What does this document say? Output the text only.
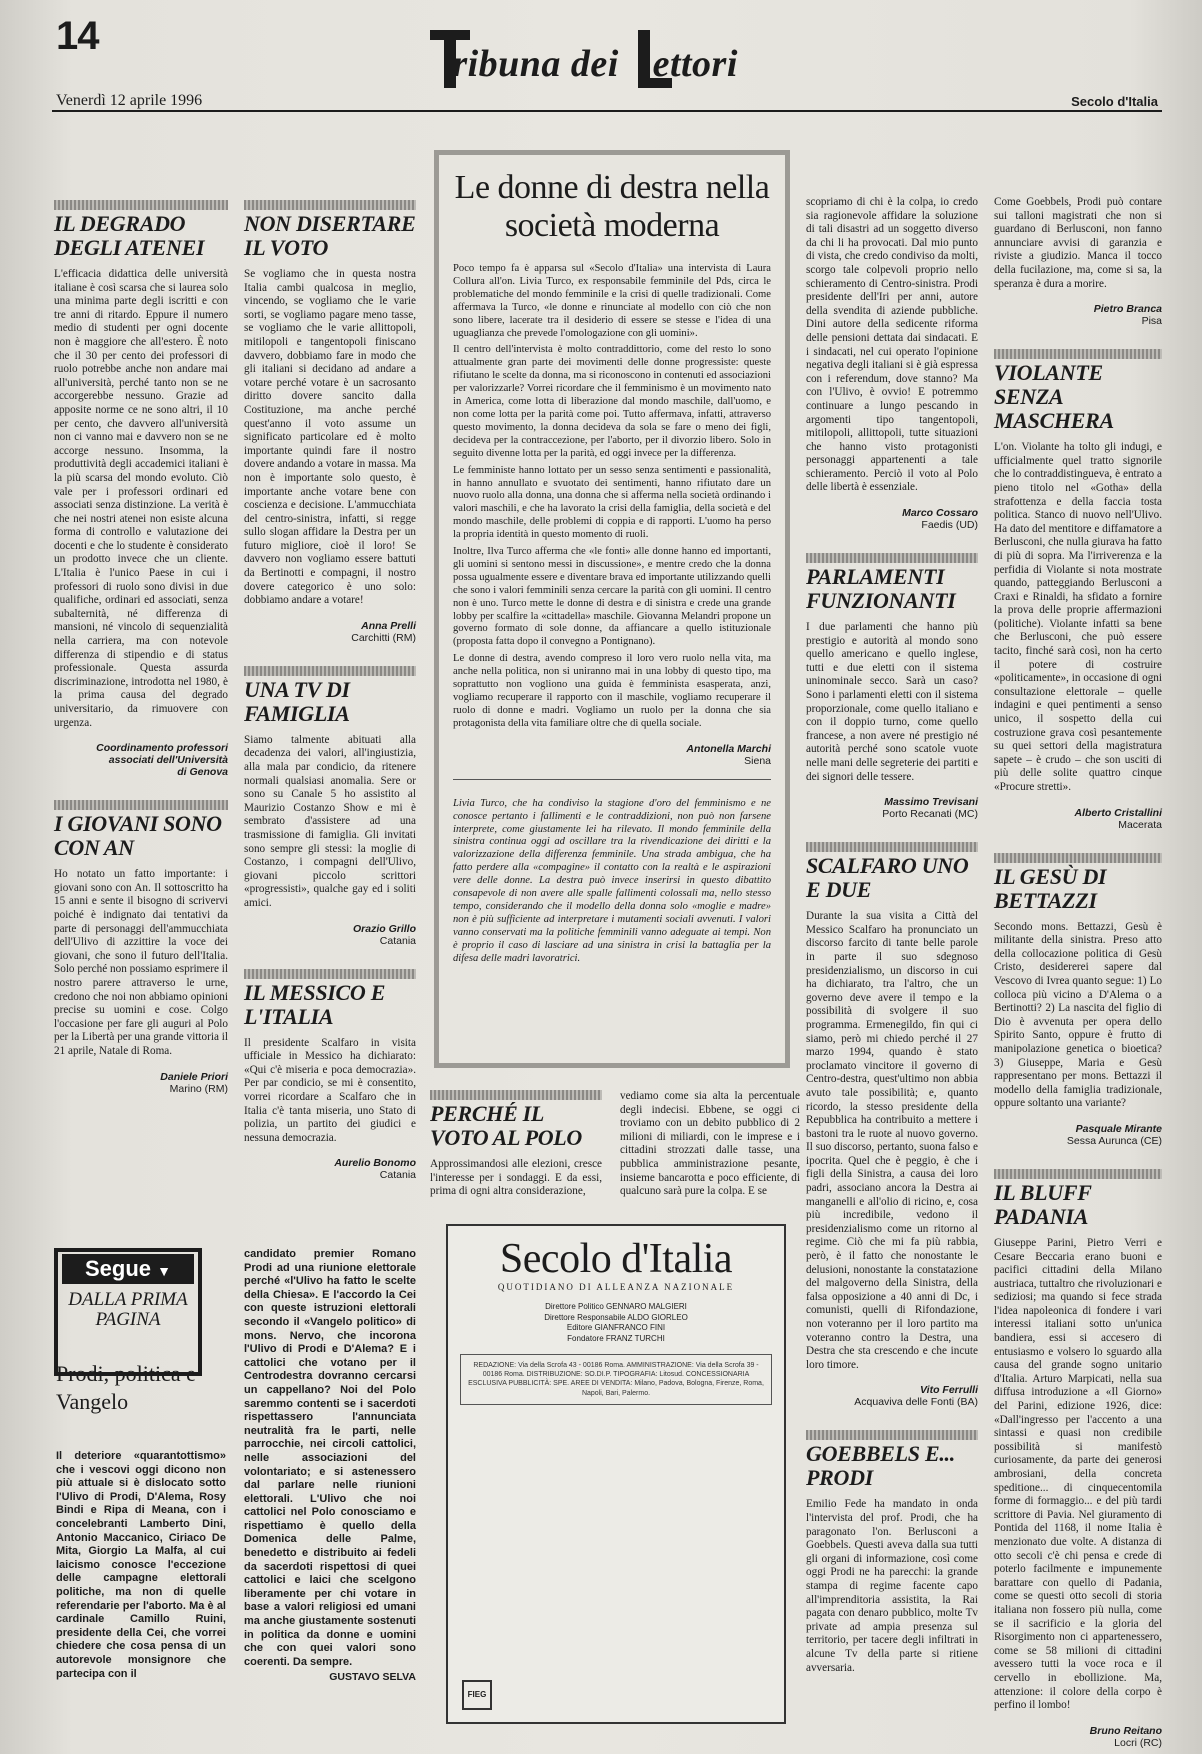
14
ribuna dei ettori
Venerdì 12 aprile 1996	Secolo d'Italia
IL DEGRADO DEGLI ATENEI

L'efficacia didattica delle università italiane è così scarsa che si laurea solo una minima parte degli iscritti e con tre anni di ritardo. Eppure il numero medio di studenti per ogni docente non è maggiore che all'estero. È noto che il 30 per cento dei professori di ruolo potrebbe anche non andare mai all'università, perché tanto non se ne accorgerebbe nessuno. Grazie ad apposite norme ce ne sono altri, il 10 per cento, che davvero all'università non ci vanno mai e davvero non se ne accorge nessuno. Insomma, la produttività degli accademici italiani è la più scarsa del mondo evoluto. Ciò vale per i professori ordinari ed associati senza distinzione. La verità è che nei nostri atenei non esiste alcuna forma di controllo e valutazione dei docenti e che lo studente è considerato un prodotto invece che un cliente. L'Italia è l'unico Paese in cui i professori di ruolo sono divisi in due qualifiche, ordinari ed associati, senza subalternità, né differenza di mansioni, né vincolo di sequenzialità nella carriera, ma con notevole differenza di stipendio e di status professionale. Questa assurda discriminazione, introdotta nel 1980, è la prima causa del degrado universitario, da rimuovere con urgenza.

Coordinamento professori associati dell'Università
di Genova
I GIOVANI SONO CON AN

Ho notato un fatto importante: i giovani sono con An. Il sottoscritto ha 15 anni e sente il bisogno di scrivervi poiché è indignato dai tentativi da parte di personaggi dell'ammucchiata dell'Ulivo di azzittire la voce dei giovani, che sono il futuro dell'Italia. Solo perché non possiamo esprimere il nostro parere attraverso le urne, credono che noi non abbiamo opinioni precise su uomini e cose. Colgo l'occasione per fare gli auguri al Polo per la Libertà per una grande vittoria il 21 aprile, Natale di Roma.

Daniele Priori
Marino (RM)
NON DISERTARE IL VOTO

Se vogliamo che in questa nostra Italia cambi qualcosa in meglio, vincendo, se vogliamo che le varie sorti, se vogliamo pagare meno tasse, se vogliamo che le varie allittopoli, mitilopoli e tangentopoli finiscano davvero, dobbiamo fare in modo che gli italiani si decidano ad andare a votare perché votare è un sacrosanto diritto dovere sancito dalla Costituzione, ma anche perché quest'anno il voto assume un significato particolare ed è molto importante quindi fare il nostro dovere andando a votare in massa. Ma non è importante solo questo, è importante anche votare bene con coscienza e decisione. L'ammucchiata del centro-sinistra, infatti, si regge sullo slogan affidare la Destra per un futuro migliore, cioè il loro! Se davvero non vogliamo essere battuti da Bertinotti e compagni, il nostro dovere categorico è uno solo: dobbiamo andare a votare!

Anna Prelli
Carchitti (RM)
UNA TV DI FAMIGLIA

Siamo talmente abituati alla decadenza dei valori, all'ingiustizia, alla mala par condicio, da ritenere normali qualsiasi anomalia. Sere or sono su Canale 5 ho assistito al Maurizio Costanzo Show e mi è sembrato d'assistere ad una trasmissione di famiglia. Gli invitati sono sempre gli stessi: la moglie di Costanzo, i compagni dell'Ulivo, giovani piccolo scrittori «progressisti», qualche gay ed i soliti amici.

Orazio Grillo
Catania
IL MESSICO E L'ITALIA

Il presidente Scalfaro in visita ufficiale in Messico ha dichiarato: «Qui c'è miseria e poca democrazia». Per par condicio, se mi è consentito, vorrei ricordare a Scalfaro che in Italia c'è tanta miseria, uno Stato di polizia, un partito dei giudici e nessuna democrazia.

Aurelio Bonomo
Catania
Le donne di destra nella società moderna

Poco tempo fa è apparsa sul «Secolo d'Italia» una intervista di Laura Collura all'on. Livia Turco, ex responsabile femminile del Pds, circa le problematiche del mondo femminile e la crisi di quelle tradizionali. Come affermava la Turco, «le donne e rinunciate al modello con ciò che non sono libere, lacerate tra il desiderio di essere se stesse e l'idea di una uguaglianza che prevede l'omologazione con gli uomini».

Il centro dell'intervista è molto contraddittorio, come del resto lo sono attualmente gran parte dei movimenti delle donne progressiste: queste rifiutano le scelte da donna, ma si riconoscono in contenuti ed associazioni per valorizzarle? Vorrei ricordare che il femminismo è un movimento nato in America, come lotta di liberazione dal mondo maschile, dall'uomo, e non come lotta per la parità come poi. Tutto affermava, infatti, attraverso questo movimento, la donna decideva da sola se fare o meno dei figli, decideva per la contraccezione, per l'aborto, per il divorzio libero. Solo in seguito divenne lotta per la parità, ed oggi invece per la differenza.

Le femministe hanno lottato per un sesso senza sentimenti e passionalità, in hanno annullato e svuotato dei sentimenti, hanno rifiutato dare un nuovo ruolo alla donna, una donna che si afferma nella società ordinando i valori maschili, e che ha lavorato la crisi della famiglia, della società e del mondo maschile, delle problemi di coppia e di rapporti. L'uomo ha perso la propria identità in questo momento di ruoli.

Inoltre, Ilva Turco afferma che «le fonti» alle donne hanno ed importanti, gli uomini si sentono messi in discussione», e mentre credo che la donna possa ugualmente essere e diventare brava ed importante utilizzando quelli che sono i valori femminili senza cercare la parità con gli uomini. Il centro non è uno. Turco mette le donne di destra e di sinistra e crede una grande lobby per scalfire la «cittadella» maschile. Giovanna Melandri propone un governo formato di sole donne, da affiancare a quello istituzionale (proposta fatta dopo il convegno a Pontignano).

Le donne di destra, avendo compreso il loro vero ruolo nella vita, ma anche nella politica, non si uniranno mai in una lobby di questo tipo, ma soprattutto non vogliono una guida è femminista esasperata, anzi, vogliamo recuperare il rapporto con il maschile, vogliamo recuperare il ruolo di donne e madri. Vogliamo un ruolo per la donna che sia protagonista della vita familiare oltre che di quella sociale.

Antonella Marchi
Siena

Livia Turco, che ha condiviso la stagione d'oro del femminismo e ne conosce pertanto i fallimenti e le contraddizioni, non può non farsene interprete, come giustamente lei ha rilevato. Il mondo femminile della sinistra continua oggi ad oscillare tra la rivendicazione dei diritti e la valorizzazione della differenza femminile. Una strada ambigua, che ha fatto perdere alla «compagine» il contatto con la realtà e le aspirazioni vere delle donne. La destra può invece inserirsi in questo dibattito consapevole di non avere alle spalle fallimenti colossali ma, nello stesso tempo, considerando che il modello della donna solo «moglie e madre» non è più sufficiente ad interpretare i mutamenti sociali avvenuti. I valori vanno conservati ma la politiche femminili vanno adeguate ai tempi. Non è proprio il caso di lasciare ad una sinistra in crisi la battaglia per la difesa delle madri lavoratrici.

PERCHÉ IL VOTO AL POLO

Approssimandosi alle elezioni, cresce l'interesse per i sondaggi. E da essi, prima di ogni altra considerazione,

vediamo come sia alta la percentuale degli indecisi. Ebbene, se oggi ci troviamo con un debito pubblico di 2 milioni di miliardi, con le imprese e i cittadini strozzati dalle tasse, una pubblica amministrazione pesante, insieme bancarotta e poco efficiente, di qualcuno sarà pure la colpa. E se

Secolo d'Italia
QUOTIDIANO DI ALLEANZA NAZIONALE
Direttore Politico GENNARO MALGIERI
Direttore Responsabile ALDO GIORLEO
Editore GIANFRANCO FINI
Fondatore FRANZ TURCHI
REDAZIONE: Via della Scrofa 43 - 00186 Roma. AMMINISTRAZIONE: Via della Scrofa 39 - 00186 Roma. DISTRIBUZIONE: SO.DI.P. TIPOGRAFIA: Litosud. CONCESSIONARIA ESCLUSIVA PUBBLICITÀ: SPE. AREE DI VENDITA: Milano, Padova, Bologna, Firenze, Roma, Napoli, Bari, Palermo.
FIEG

scopriamo di chi è la colpa, io credo sia ragionevole affidare la soluzione di tali disastri ad un soggetto diverso da chi li ha provocati. Dal mio punto di vista, che credo condiviso da molti, scorgo tale colpevoli proprio nello schieramento di Centro-sinistra. Prodi presidente dell'Iri per anni, autore della svendita di aziende pubbliche. Dini autore della sedicente riforma delle pensioni dettata dai sindacati. E i sindacati, nel cui operato l'opinione negativa degli italiani si è già espressa con i referendum, dove stanno? Ma con l'Ulivo, è ovvio! E potremmo continuare a lungo pescando in argomenti tipo tangentopoli, mitilopoli, allittopoli, tutte situazioni che hanno visto protagonisti personaggi appartenenti a tale schieramento. Perciò il voto al Polo delle libertà è essenziale.

Marco Cossaro
Faedis (UD)
PARLAMENTI FUNZIONANTI

I due parlamenti che hanno più prestigio e autorità al mondo sono quello americano e quello inglese, tutti e due eletti con il sistema uninominale secco. Sarà un caso? Sono i parlamenti eletti con il sistema proporzionale, come quello italiano e con il doppio turno, come quello francese, a non avere né prestigio né autorità perché sono scatole vuote nelle mani delle segreterie dei partiti e dei signori delle tessere.

Massimo Trevisani
Porto Recanati (MC)
SCALFARO UNO E DUE

Durante la sua visita a Città del Messico Scalfaro ha pronunciato un discorso farcito di tante belle parole in parte il suo sdegnoso presidenzialismo, un discorso in cui ha dichiarato, tra l'altro, che un governo deve avere il tempo e la possibilità di svolgere il suo programma. Ermenegildo, fin qui ci siamo, però mi chiedo perché il 27 marzo 1994, quando è stato proclamato vincitore il governo di Centro-destra, quest'ultimo non abbia avuto tale possibilità; e, quanto ricordo, la stesso presidente della Repubblica ha contribuito a mettere i bastoni tra le ruote al nuovo governo. Il suo discorso, pertanto, suona falso e ipocrita. Quel che è peggio, è che i figli della Sinistra, a causa dei loro padri, associano ancora la Destra ai manganelli e all'olio di ricino, e, cosa più incredibile, vedono il presidenzialismo come un ritorno al regime. Ciò che mi fa più rabbia, però, è il fatto che nonostante le delusioni, nonostante la constatazione del malgoverno della Sinistra, della falsa opposizione a 40 anni di Dc, i comunisti, quelli di Rifondazione, non voteranno per il loro partito ma voteranno contro la Destra, una Destra che sta crescendo e che incute loro timore.

Vito Ferrulli
Acquaviva delle Fonti (BA)
GOEBBELS E... PRODI

Emilio Fede ha mandato in onda l'intervista del prof. Prodi, che ha paragonato l'on. Berlusconi a Goebbels. Questi aveva dalla sua tutti gli organi di informazione, così come oggi Prodi ne ha parecchi: la grande stampa di regime facente capo all'imprenditoria assistita, la Rai pagata con denaro pubblico, molte Tv private ad ampia presenza sul territorio, per tacere degli infiltrati in alcune Tv della parte si ritiene avversaria.

Come Goebbels, Prodi può contare sui talloni magistrati che non si guardano di Berlusconi, non fanno annunciare avvisi di garanzia e riviste a giudizio. Manca il tocco della fucilazione, ma, come si sa, la speranza è dura a morire.

Pietro Branca
Pisa
VIOLANTE SENZA MASCHERA

L'on. Violante ha tolto gli indugi, e ufficialmente quel tratto signorile che lo contraddistingueva, è entrato a pieno titolo nel «Gotha» della strafottenza e della faccia tosta politica. Stanco di nuovo nell'Ulivo. Ha dato del mentitore e diffamatore a Berlusconi, che nulla giurava ha fatto di più di sopra. Ma l'irriverenza e la perfidia di Violante si nota mostrate quando, patteggiando Berlusconi a Craxi e Rinaldi, ha sfidato a fornire la prova delle proprie affermazioni (politiche). Violante infatti sa bene che Berlusconi, che può essere tacito, finché sarà così, non ha certo il potere di costruire «politicamente», in occasione di ogni consultazione elettorale – quelle indagini e quei pentimenti a senso unico, il sospetto della cui costruzione grava così pesantemente su quei settori della magistratura sapete – è crudo – che son usciti di più delle solite quattro cinque «Procure stretti».

Alberto Cristallini
Macerata
IL GESÙ DI BETTAZZI

Secondo mons. Bettazzi, Gesù è militante della sinistra. Preso atto della collocazione politica di Gesù Cristo, desidererei sapere dal Vescovo di Ivrea quanto segue: 1) Lo colloca più vicino a D'Alema o a Bertinotti? 2) La nascita del figlio di Dio è avvenuta per opera dello Spirito Santo, oppure è frutto di manipolazione genetica o bioetica? 3) Giuseppe, Maria e Gesù rappresentano per mons. Bettazzi il modello della famiglia tradizionale, oppure soltanto una variante?

Pasquale Mirante
Sessa Aurunca (CE)
IL BLUFF PADANIA

Giuseppe Parini, Pietro Verri e Cesare Beccaria erano buoni e pacifici cittadini della Milano austriaca, tuttaltro che rivoluzionari e sediziosi; ma quando si fece strada l'idea napoleonica di fondere i vari interessi italiani sotto un'unica bandiera, essi si accesero di entusiasmo e volsero lo sguardo alla causa del grande sogno unitario d'Italia. Arturo Marpicati, nella sua diffusa introduzione a «Il Giorno» del Parini, edizione 1926, dice: «Dall'ingresso per l'accento a una sintassi e quasi non credibile possibilità si manifestò curiosamente, da parte dei generosi ambrosiani, della concreta speditione... di cinquecentomila forme di formaggio... e del più tardi scrittore di Pavia. Nel giuramento di Pontida del 1168, il nome Italia è menzionato due volte. A distanza di otto secoli c'è chi pensa e crede di poterlo facilmente e impunemente barattare con quello di Padania, come se questi otto secoli di storia italiana non fossero più nulla, come se il sacrificio e la gloria del Risorgimento non ci appartenessero, come se 58 milioni di cittadini avessero tutti la voce roca e il cervello in ebollizione. Ma, attenzione: il colore della corpo è perfino il lombo!

Bruno Reitano
Locri (RC)
Segue ▼
DALLA PRIMA PAGINA
Prodi, politica e Vangelo
Il deteriore «quarantottismo» che i vescovi oggi dicono non più attuale si è dislocato sotto l'Ulivo di Prodi, D'Alema, Rosy Bindi e Ripa di Meana, con i concelebranti Lamberto Dini, Antonio Maccanico, Ciriaco De Mita, Giorgio La Malfa, al cui laicismo conosce l'eccezione delle campagne elettorali politiche, ma non di quelle referendarie per l'aborto. Ma è al cardinale Camillo Ruini, presidente della Cei, che vorrei chiedere che cosa pensa di un autorevole monsignore che partecipa con il
candidato premier Romano Prodi ad una riunione elettorale perché «l'Ulivo ha fatto le scelte della Chiesa». E l'accordo la Cei con queste istruzioni elettorali secondo il «Vangelo politico» di mons. Nervo, che incorona l'Ulivo di Prodi e D'Alema? E i cattolici che votano per il Centrodestra dovranno cercarsi un cappellano? Noi del Polo saremmo contenti se i sacerdoti rispettassero l'annunciata neutralità fra le parti, nelle parrocchie, nei circoli cattolici, nelle associazioni del volontariato; e si astenessero dal parlare nelle riunioni elettorali. L'Ulivo che noi cattolici nel Polo conosciamo e rispettiamo è quello della Domenica delle Palme, benedetto e distribuito ai fedeli da sacerdoti rispettosi di quei cattolici e laici che scelgono liberamente per chi votare in base a valori religiosi ed umani ma anche giustamente sostenuti in politica da donne e uomini che con quei valori sono coerenti. Da sempre.
GUSTAVO SELVA
